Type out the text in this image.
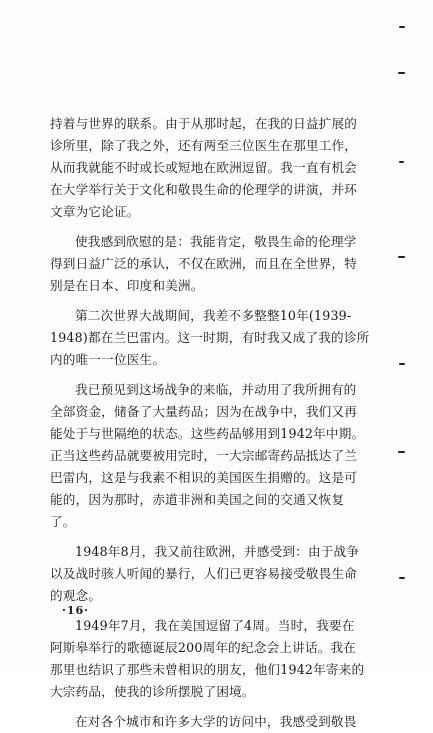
持着与世界的联系。由于从那时起，在我的日益扩展的
诊所里，除了我之外，还有两至三位医生在那里工作，
从而我就能不时或长或短地在欧洲逗留。我一直有机会
在大学举行关于文化和敬畏生命的伦理学的讲演，并环
文章为它论证。
使我感到欣慰的是：我能肯定，敬畏生命的伦理学
得到日益广泛的承认，不仅在欧洲，而且在全世界，特
别是在日本、印度和美洲。
第二次世界大战期间，我差不多整整10年(1939-
1948)都在兰巴雷内。这一时期，有时我又成了我的诊所
内的唯一一位医生。
我已预见到这场战争的来临，并动用了我所拥有的
全部资金，储备了大量药品；因为在战争中，我们又再
能处于与世隔绝的状态。这些药品够用到1942年中期。
正当这些药品就要被用完时，一大宗邮寄药品抵达了兰
巴雷内，这是与我素不相识的美国医生捐赠的。这是可
能的，因为那时，赤道非洲和美国之间的交通又恢复
了。
1948年8月，我又前往欧洲，并感受到：由于战争
以及战时骇人听闻的暴行，人们已更容易接受敬畏生命
的观念。
1949年7月，我在美国逗留了4周。当时，我要在
阿斯皋举行的歌德诞辰200周年的纪念会上讲话。我在
那里也结识了那些未曾相识的朋友，他们1942年寄来的
大宗药品，使我的诊所摆脱了困境。
在对各个城市和许多大学的访问中，我感受到敬畏
·16·
